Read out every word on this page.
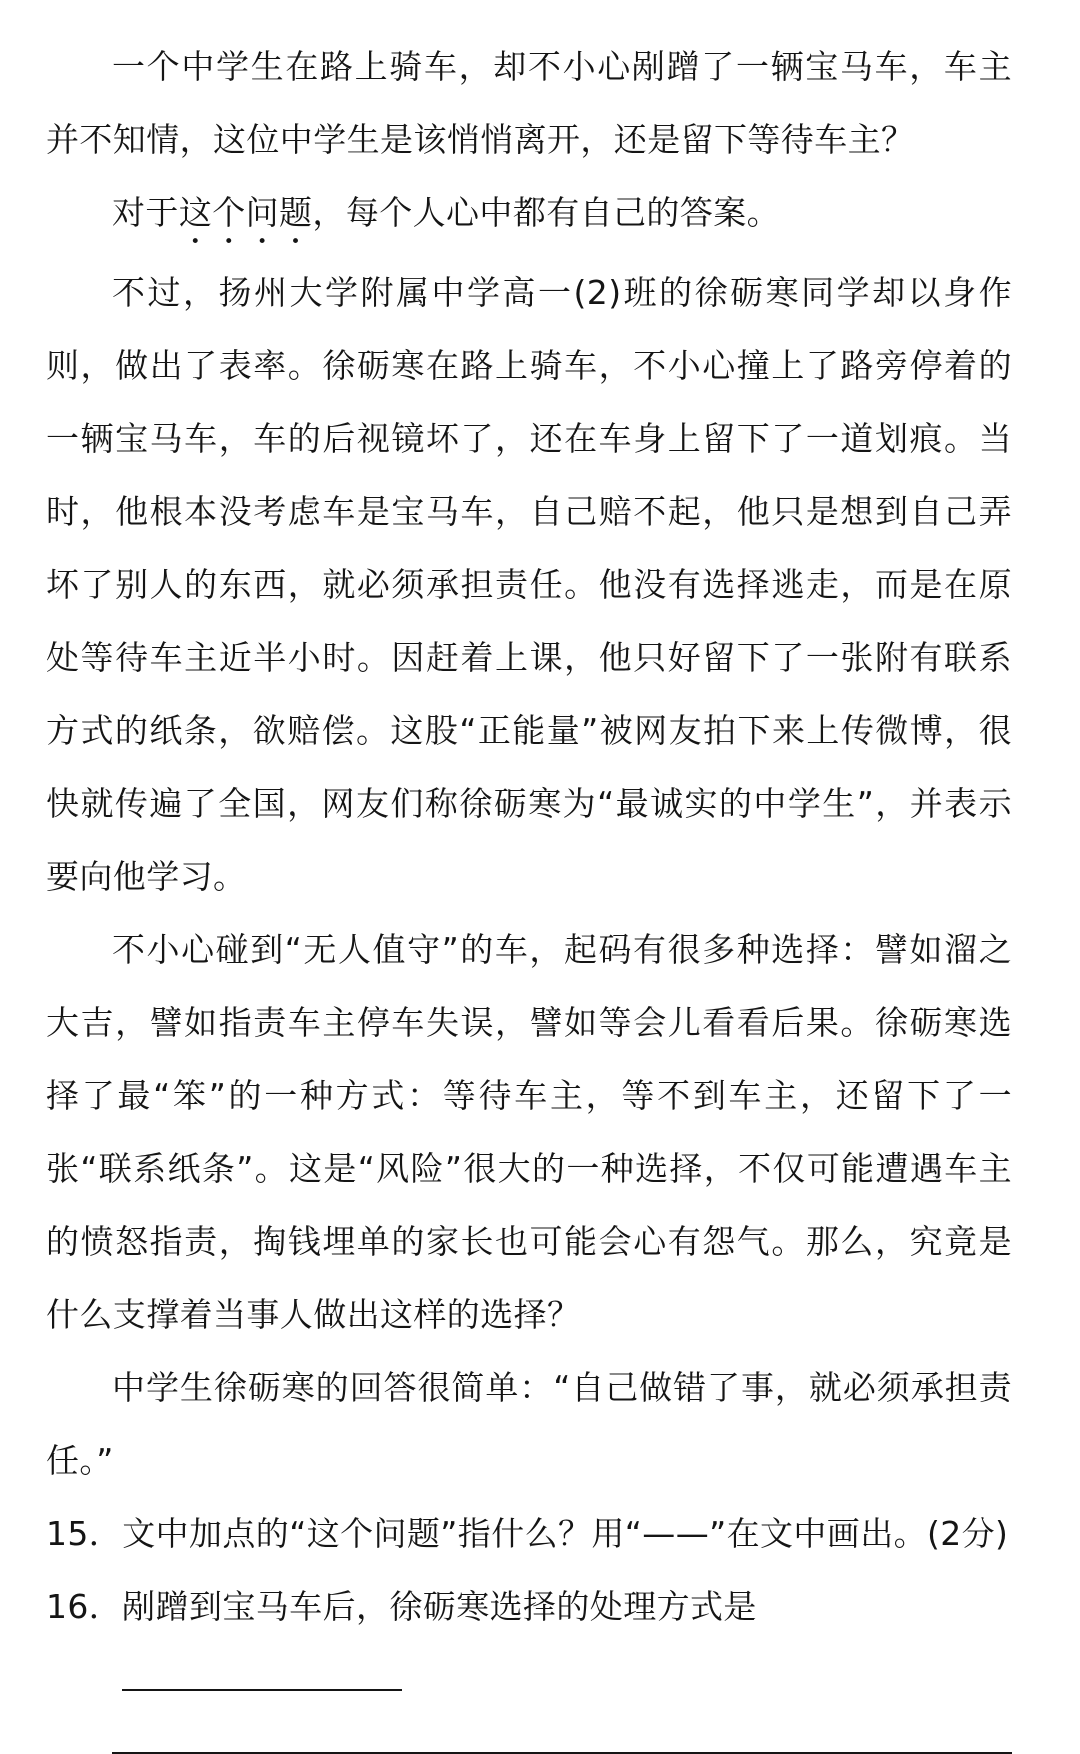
一个中学生在路上骑车，却不小心剐蹭了一辆宝马车，车主并不知情，这位中学生是该悄悄离开，还是留下等待车主？

对于这个问题，每个人心中都有自己的答案。

不过，扬州大学附属中学高一(2)班的徐砺寒同学却以身作则，做出了表率。徐砺寒在路上骑车，不小心撞上了路旁停着的一辆宝马车，车的后视镜坏了，还在车身上留下了一道划痕。当时，他根本没考虑车是宝马车，自己赔不起，他只是想到自己弄坏了别人的东西，就必须承担责任。他没有选择逃走，而是在原处等待车主近半小时。因赶着上课，他只好留下了一张附有联系方式的纸条，欲赔偿。这股“正能量”被网友拍下来上传微博，很快就传遍了全国，网友们称徐砺寒为“最诚实的中学生”，并表示要向他学习。

不小心碰到“无人值守”的车，起码有很多种选择：譬如溜之大吉，譬如指责车主停车失误，譬如等会儿看看后果。徐砺寒选择了最“笨”的一种方式：等待车主，等不到车主，还留下了一张“联系纸条”。这是“风险”很大的一种选择，不仅可能遭遇车主的愤怒指责，掏钱埋单的家长也可能会心有怨气。那么，究竟是什么支撑着当事人做出这样的选择？

中学生徐砺寒的回答很简单：“自己做错了事，就必须承担责任。”

15． 文中加点的“这个问题”指什么？用“——”在文中画出。(2分)
16． 剐蹭到宝马车后，徐砺寒选择的处理方式是
